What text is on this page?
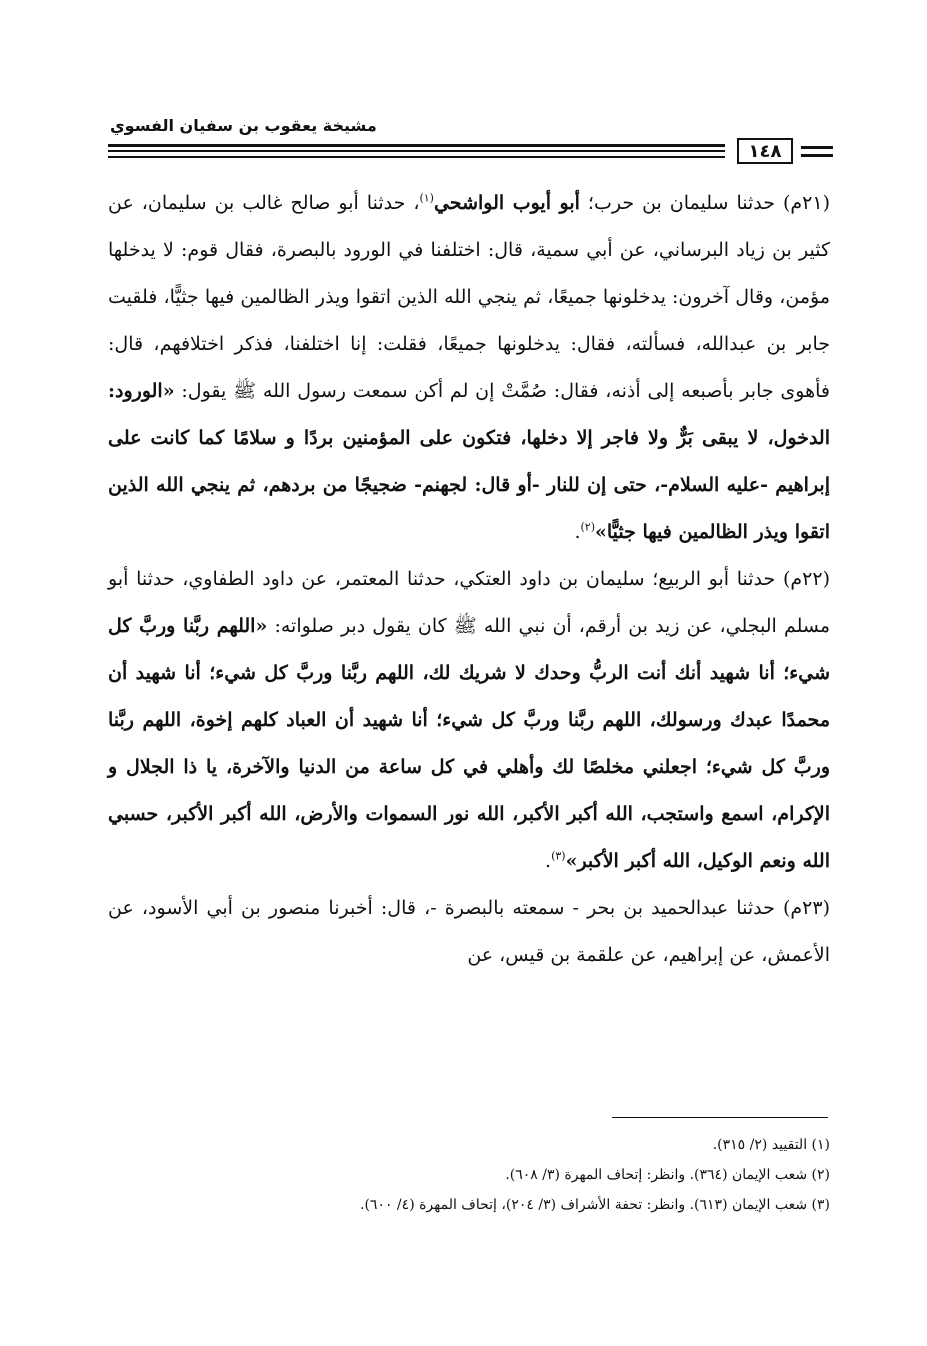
مشيخة يعقوب بن سفيان الفسوي
١٤٨

(٢١م) حدثنا سليمان بن حرب؛ أبو أيوب الواشحي$^{(١)}$، حدثنا أبو صالح غالب بن سليمان، عن كثير بن زياد البرساني، عن أبي سمية، قال: اختلفنا في الورود بالبصرة، فقال قوم: لا يدخلها مؤمن، وقال آخرون: يدخلونها جميعًا، ثم ينجي الله الذين اتقوا ويذر الظالمين فيها جثيًّا، فلقيت جابر بن عبدالله، فسألته، فقال: يدخلونها جميعًا، فقلت: إنا اختلفنا، فذكر اختلافهم، قال: فأهوى جابر بأصبعه إلى أذنه، فقال: صُمَّتْ إن لم أكن سمعت رسول الله ﷺ يقول: «الورود: الدخول، لا يبقى بَرٌّ ولا فاجر إلا دخلها، فتكون على المؤمنين بردًا و سلامًا كما كانت على إبراهيم -عليه السلام-، حتى إن للنار -أو قال: لجهنم- ضجيجًا من بردهم، ثم ينجي الله الذين اتقوا ويذر الظالمين فيها جثيًّا»$^{(٢)}$.

(٢٢م) حدثنا أبو الربيع؛ سليمان بن داود العتكي، حدثنا المعتمر، عن داود الطفاوي، حدثنا أبو مسلم البجلي، عن زيد بن أرقم، أن نبي الله ﷺ كان يقول دبر صلواته: «اللهم ربَّنا وربَّ كل شيء؛ أنا شهيد أنك أنت الربُّ وحدك لا شريك لك، اللهم ربَّنا وربَّ كل شيء؛ أنا شهيد أن محمدًا عبدك ورسولك، اللهم ربَّنا وربَّ كل شيء؛ أنا شهيد أن العباد كلهم إخوة، اللهم ربَّنا وربَّ كل شيء؛ اجعلني مخلصًا لك وأهلي في كل ساعة من الدنيا والآخرة، يا ذا الجلال و الإكرام، اسمع واستجب، الله أكبر الأكبر، الله نور السموات والأرض، الله أكبر الأكبر، حسبي الله ونعم الوكيل، الله أكبر الأكبر»$^{(٣)}$.

(٢٣م) حدثنا عبدالحميد بن بحر - سمعته بالبصرة -، قال: أخبرنا منصور بن أبي الأسود، عن الأعمش، عن إبراهيم، عن علقمة بن قيس، عن

(١) التقييد (٢/ ٣١٥).

(٢) شعب الإيمان (٣٦٤). وانظر: إتحاف المهرة (٣/ ٦٠٨).

(٣) شعب الإيمان (٦١٣). وانظر: تحفة الأشراف (٣/ ٢٠٤)، إتحاف المهرة (٤/ ٦٠٠).
